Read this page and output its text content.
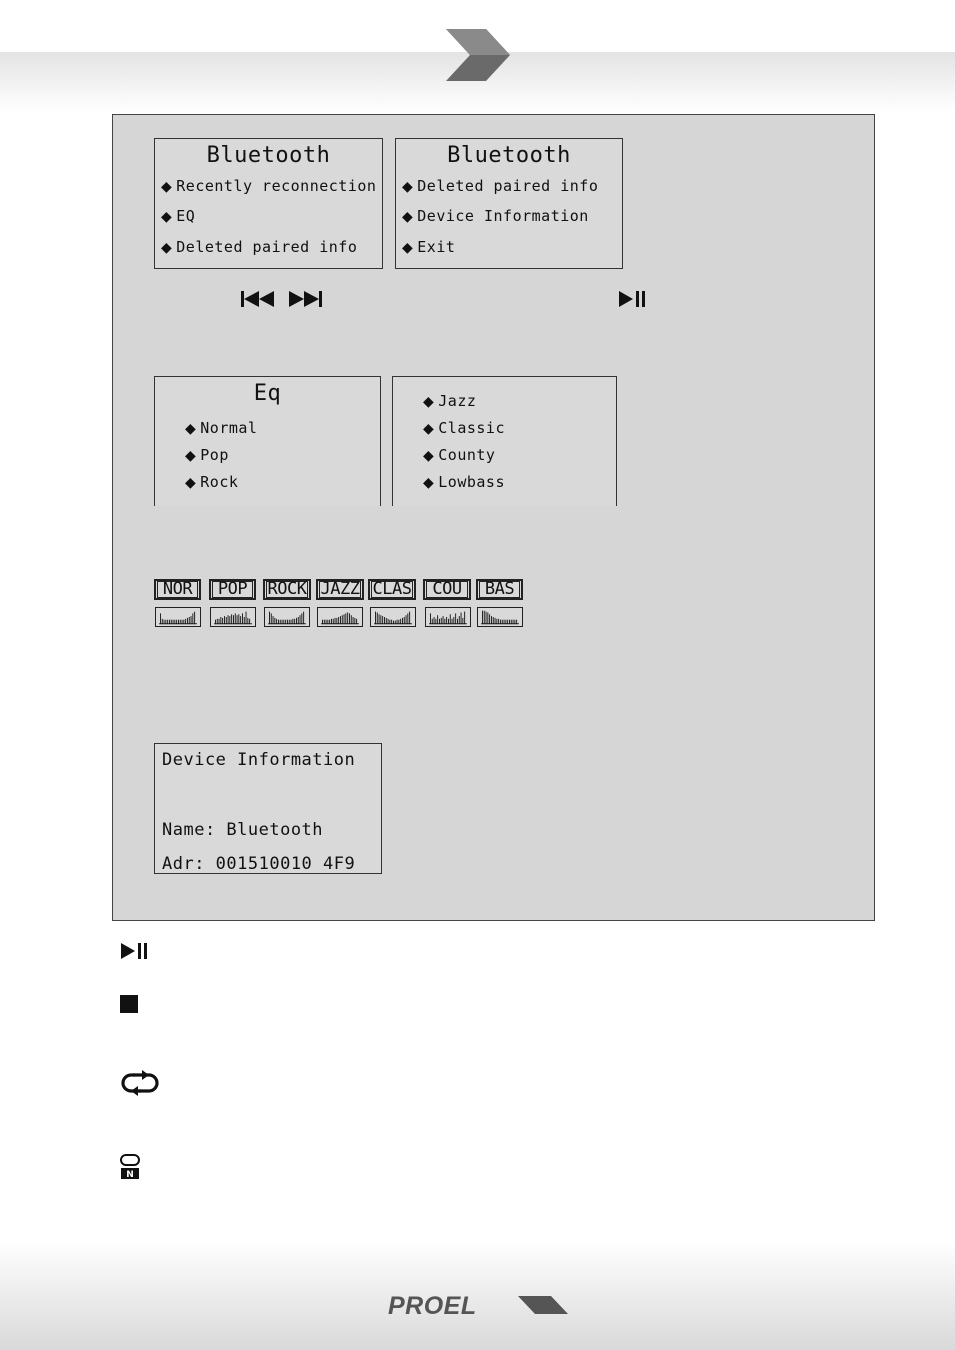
Bluetooth
◆ Recently reconnection
◆ EQ
◆ Deleted paired info
Bluetooth
◆ Deleted paired info
◆ Device Information
◆ Exit
Eq
◆ Normal
◆ Pop
◆ Rock
◆ Jazz
◆ Classic
◆ County
◆ Lowbass
NOR	POP	ROCK JAZZ CLAS	COU	BAS
Device Information
Name: Bluetooth
Adr: 001510010 4F9
N
PROEL
